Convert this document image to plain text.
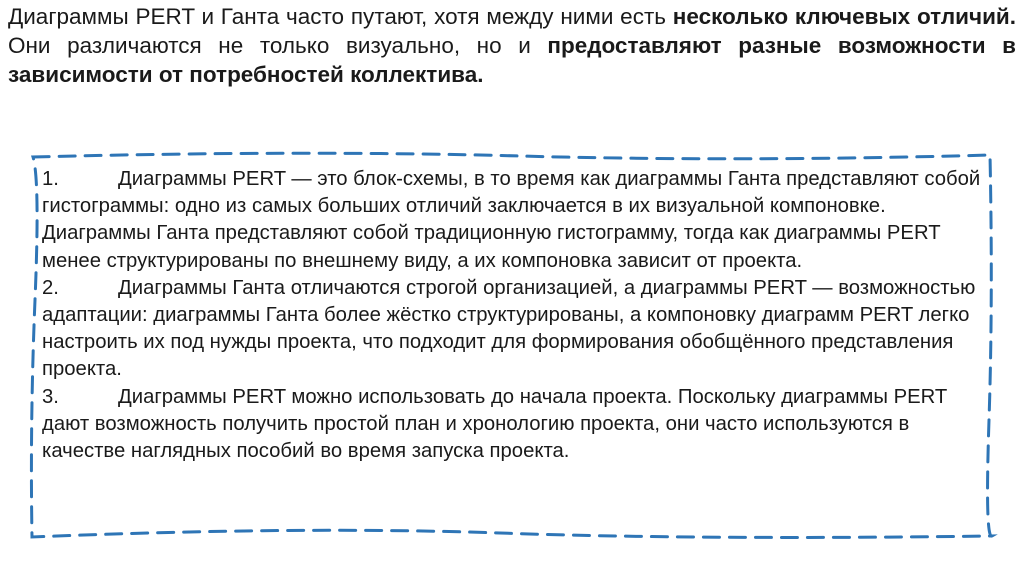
Диаграммы PERT и Ганта часто путают, хотя между ними есть несколько ключевых отличий. Они различаются не только визуально, но и предоставляют разные возможности в зависимости от потребностей коллектива.

1.	Диаграммы PERT — это блок-схемы, в то время как диаграммы Ганта представляют собой гистограммы: одно из самых больших отличий заключается в их визуальной компоновке. Диаграммы Ганта представляют собой традиционную гистограмму, тогда как диаграммы PERT менее структурированы по внешнему виду, а их компоновка зависит от проекта.

2.	Диаграммы Ганта отличаются строгой организацией, а диаграммы PERT — возможностью адаптации: диаграммы Ганта более жёстко структурированы, а компоновку диаграмм PERT легко настроить их под нужды проекта, что подходит для формирования обобщённого представления проекта.

3.	Диаграммы PERT можно использовать до начала проекта. Поскольку диаграммы PERT дают возможность получить простой план и хронологию проекта, они часто используются в качестве наглядных пособий во время запуска проекта.
